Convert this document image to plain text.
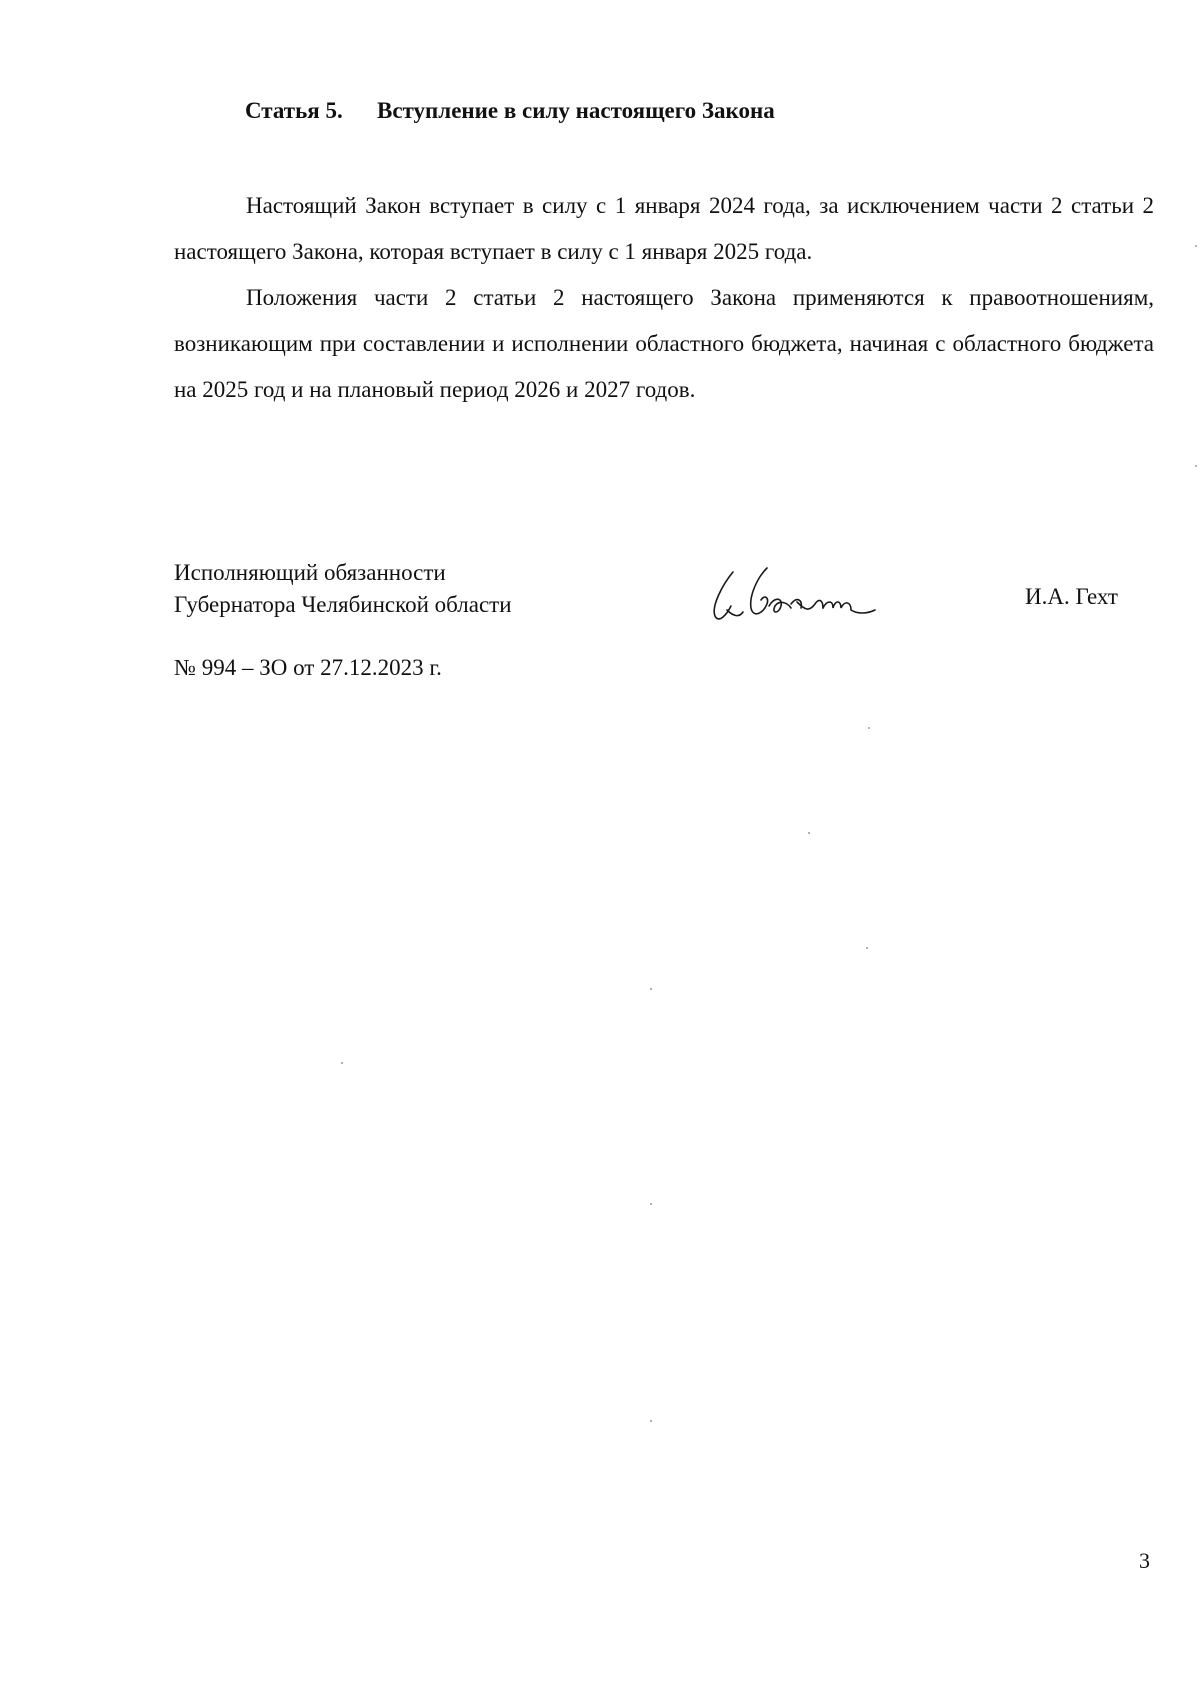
Статья 5. Вступление в силу настоящего Закона

Настоящий Закон вступает в силу с 1 января 2024 года, за исключением части 2 статьи 2 настоящего Закона, которая вступает в силу с 1 января 2025 года.

Положения части 2 статьи 2 настоящего Закона применяются к правоотношениям, возникающим при составлении и исполнении областного бюджета, начиная с областного бюджета на 2025 год и на плановый период 2026 и 2027 годов.

Исполняющий обязанности
Губернатора Челябинской области	И.А. Гехт
№ 994 – ЗО от 27.12.2023 г.
3
